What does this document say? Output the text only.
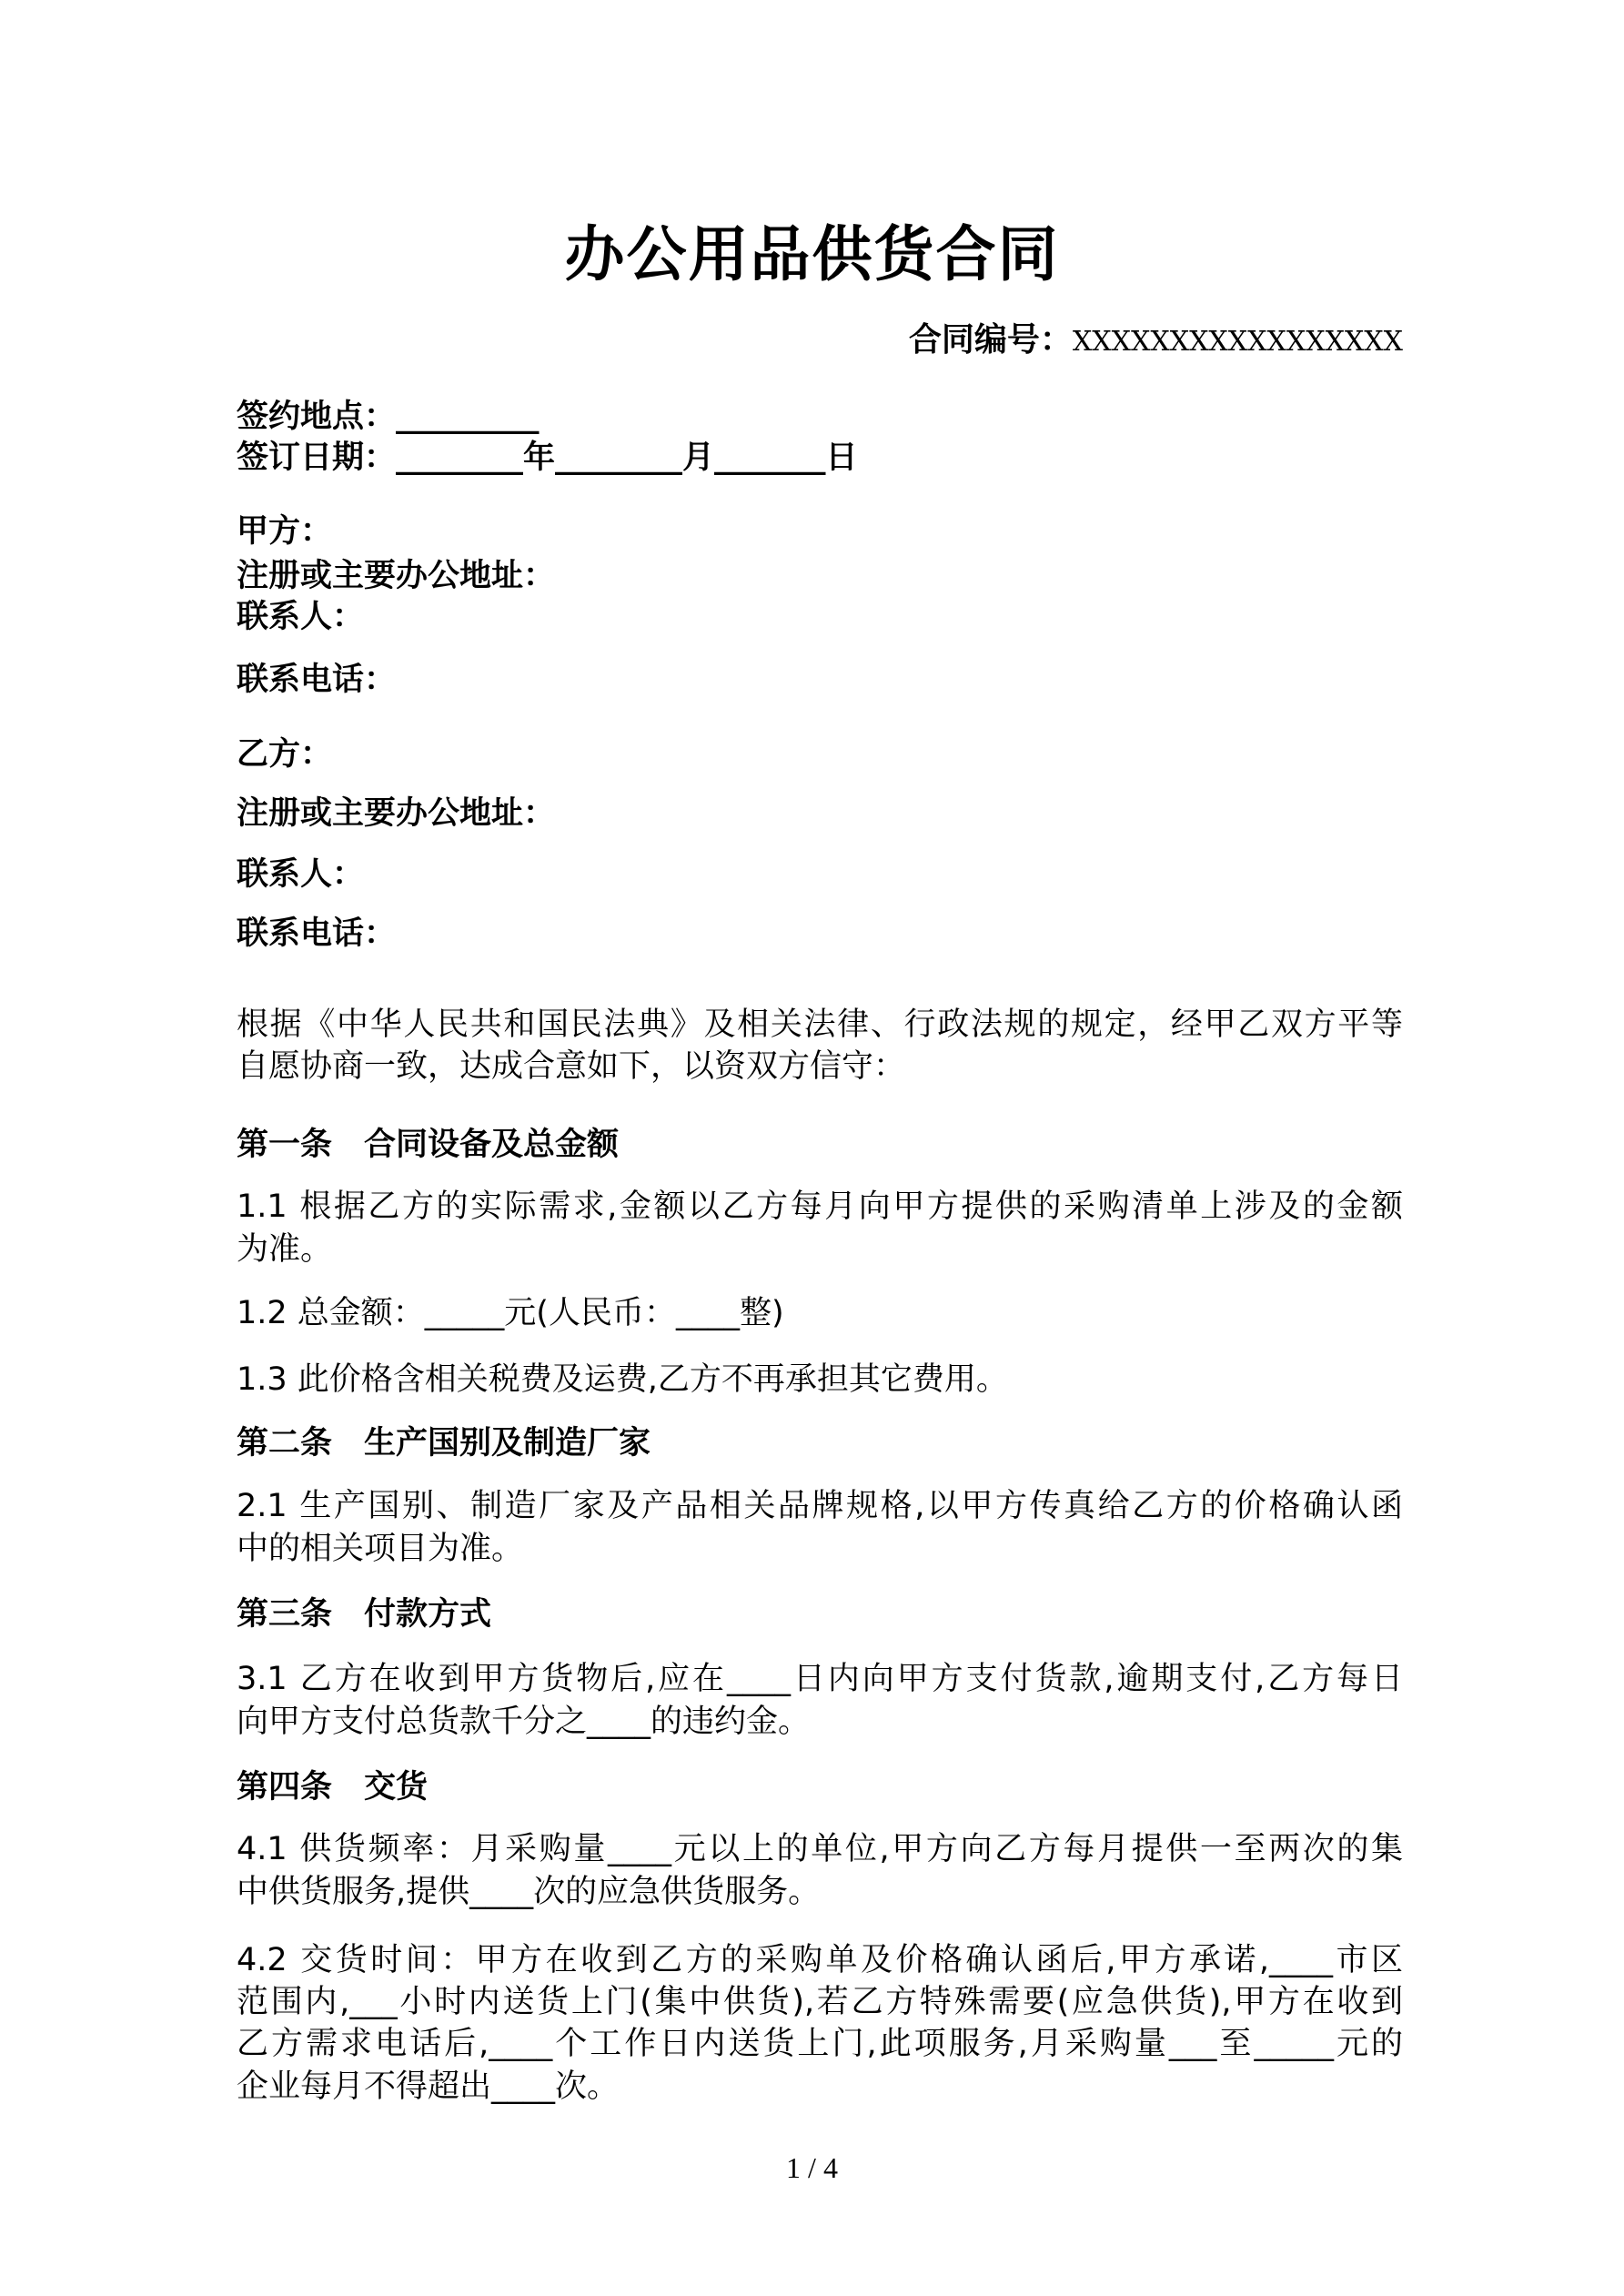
办公用品供货合同
合同编号：XXXXXXXXXXXXXXXXX
签约地点：_________
签订日期：________年________月_______日
甲方：
注册或主要办公地址：
联系人：
联系电话：
乙方：
注册或主要办公地址：
联系人：
联系电话：
根据《中华人民共和国民法典》及相关法律、行政法规的规定，经甲乙双方平等
自愿协商一致，达成合意如下，以资双方信守：
第一条　合同设备及总金额
1.1 根据乙方的实际需求,金额以乙方每月向甲方提供的采购清单上涉及的金额
为准。
1.2 总金额：_____元(人民币：____整)
1.3 此价格含相关税费及运费,乙方不再承担其它费用。
第二条　生产国别及制造厂家
2.1 生产国别、制造厂家及产品相关品牌规格,以甲方传真给乙方的价格确认函
中的相关项目为准。
第三条　付款方式
3.1 乙方在收到甲方货物后,应在____日内向甲方支付货款,逾期支付,乙方每日
向甲方支付总货款千分之____的违约金。
第四条　交货
4.1 供货频率：月采购量____元以上的单位,甲方向乙方每月提供一至两次的集
中供货服务,提供____次的应急供货服务。
4.2 交货时间：甲方在收到乙方的采购单及价格确认函后,甲方承诺,____市区
范围内,___小时内送货上门(集中供货),若乙方特殊需要(应急供货),甲方在收到
乙方需求电话后,____个工作日内送货上门,此项服务,月采购量___至_____元的
企业每月不得超出____次。
1 / 4
